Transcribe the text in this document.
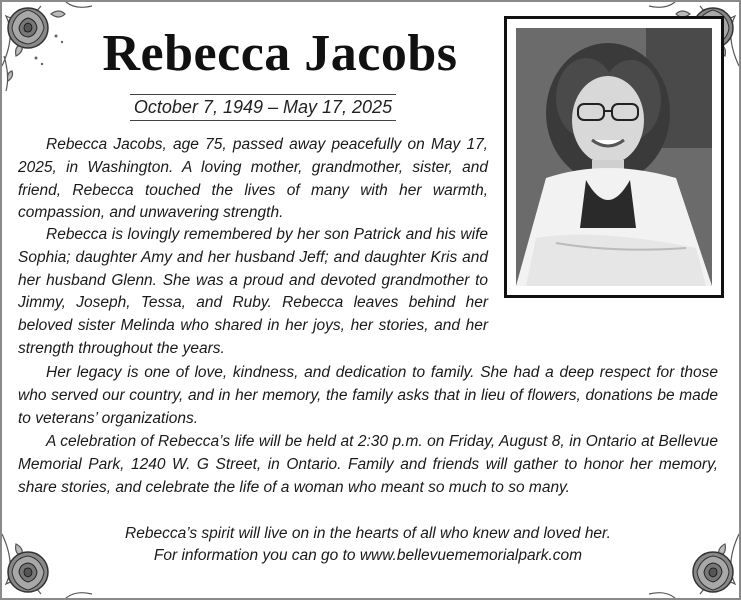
Rebecca Jacobs
October 7, 1949 – May 17, 2025

Rebecca Jacobs, age 75, passed away peacefully on May 17, 2025, in Washington. A loving mother, grandmother, sister, and friend, Rebecca touched the lives of many with her warmth, compassion, and unwavering strength.

Rebecca is lovingly remembered by her son Patrick and his wife Sophia; daughter Amy and her husband Jeff; and daughter Kris and her husband Glenn. She was a proud and devoted grandmother to Jimmy, Joseph, Tessa, and Ruby. Rebecca leaves behind her beloved sister Melinda who shared in her joys, her stories, and her strength throughout the years.

Her legacy is one of love, kindness, and dedication to family. She had a deep respect for those who served our country, and in her memory, the family asks that in lieu of flowers, donations be made to veterans’ organizations.

A celebration of Rebecca’s life will be held at 2:30 p.m. on Friday, August 8, in Ontario at Bellevue Memorial Park, 1240 W. G Street, in Ontario. Family and friends will gather to honor her memory, share stories, and celebrate the life of a woman who meant so much to so many.

Rebecca’s spirit will live on in the hearts of all who knew and loved her.

For information you can go to www.bellevuememorialpark.com
